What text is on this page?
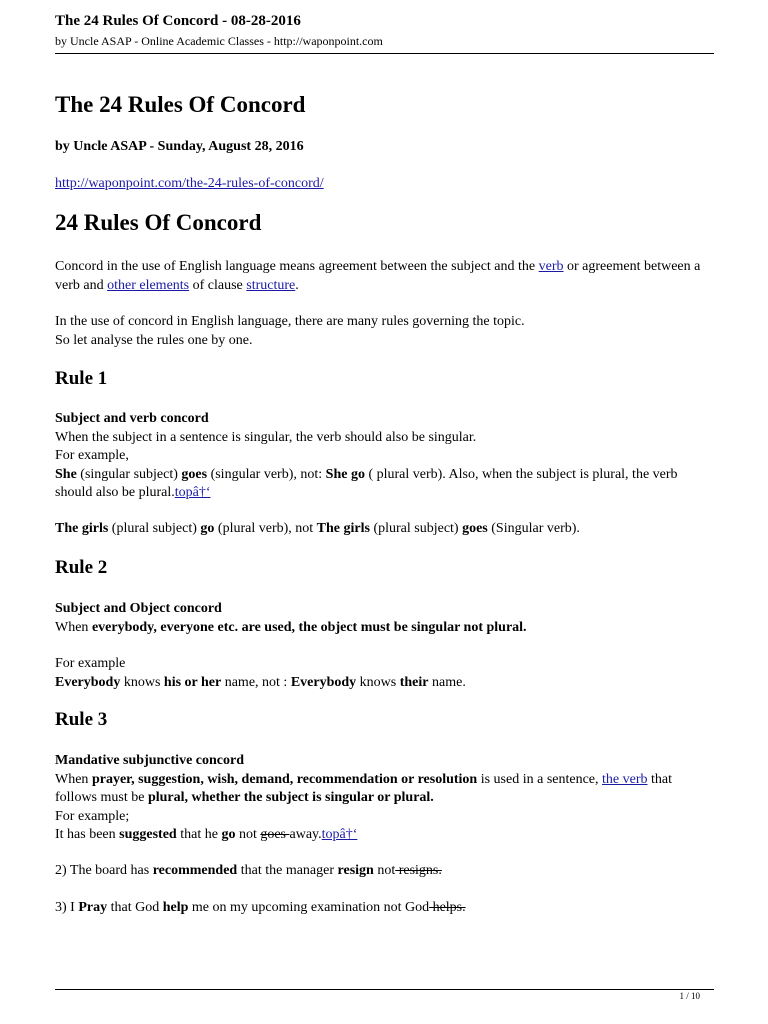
The 24 Rules Of Concord - 08-28-2016
by Uncle ASAP - Online Academic Classes - http://waponpoint.com
The 24 Rules Of Concord
by Uncle ASAP - Sunday, August 28, 2016
http://waponpoint.com/the-24-rules-of-concord/
24 Rules Of Concord
Concord in the use of English language means agreement between the subject and the verb or agreement between a verb and other elements of clause structure.
In the use of concord in English language, there are many rules governing the topic.
So let analyse the rules one by one.
Rule 1
Subject and verb concord
When the subject in a sentence is singular, the verb should also be singular.
For example,
She (singular subject) goes (singular verb), not: She go ( plural verb). Also, when the subject is plural, the verb should also be plural.topâ†‘
The girls (plural subject) go (plural verb), not The girls (plural subject) goes (Singular verb).
Rule 2
Subject and Object concord
When everybody, everyone etc. are used, the object must be singular not plural.
For example
Everybody knows his or her name, not : Everybody knows their name.
Rule 3
Mandative subjunctive concord
When prayer, suggestion, wish, demand, recommendation or resolution is used in a sentence, the verb that follows must be plural, whether the subject is singular or plural.
For example;
It has been suggested that he go not goes away.topâ†‘
2) The board has recommended that the manager resign not resigns.
3) I Pray that God help me on my upcoming examination not God helps.
1 / 10
